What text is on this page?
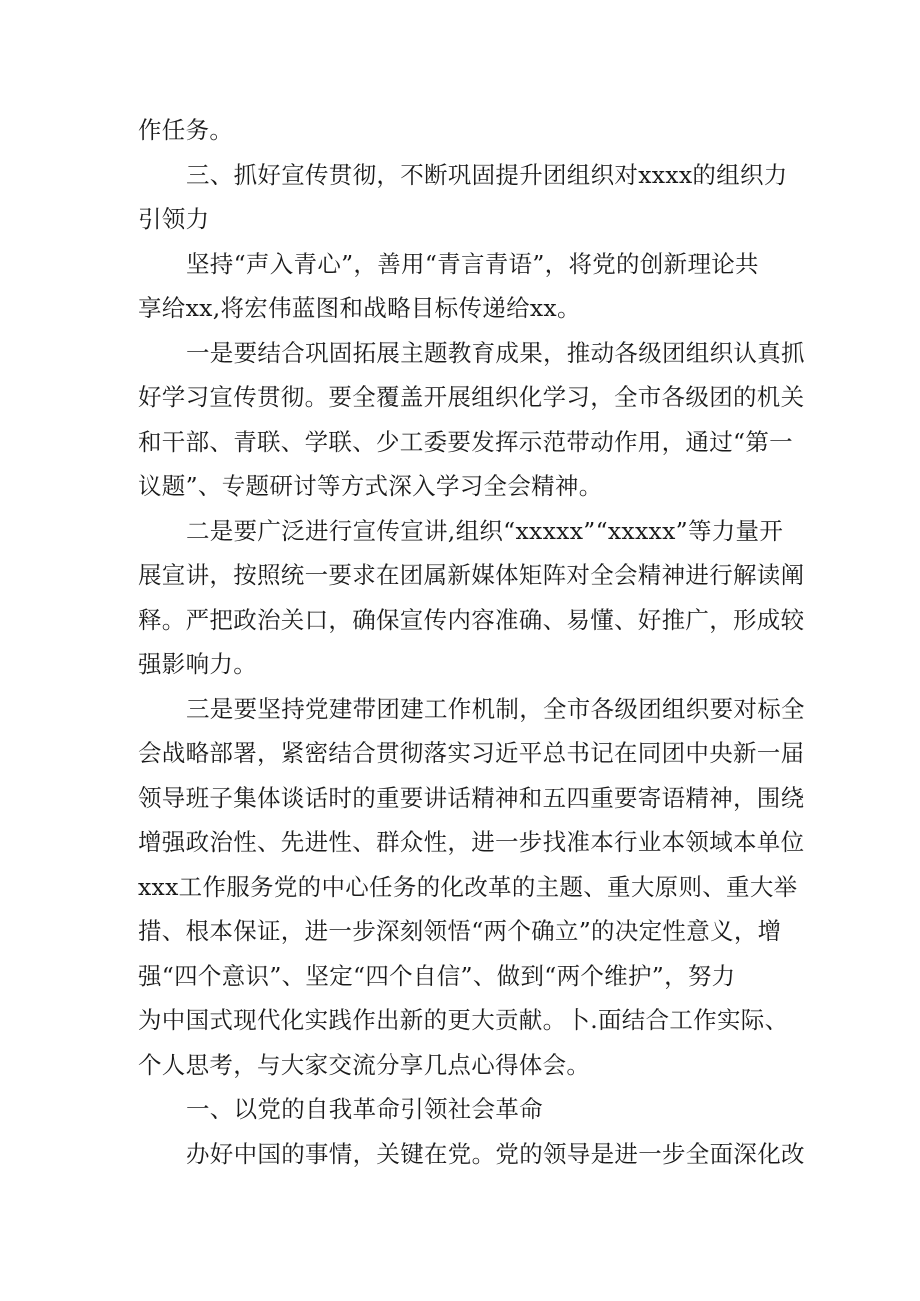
作任务。
三、抓好宣传贯彻，不断巩固提升团组织对xxxx的组织力
引领力
坚持“声入青心”，善用“青言青语”，将党的创新理论共
享给xx,将宏伟蓝图和战略目标传递给xx。
一是要结合巩固拓展主题教育成果，推动各级团组织认真抓
好学习宣传贯彻。要全覆盖开展组织化学习，全市各级团的机关
和干部、青联、学联、少工委要发挥示范带动作用，通过“第一
议题”、专题研讨等方式深入学习全会精神。
二是要广泛进行宣传宣讲,组织“xxxxx”“xxxxx”等力量开
展宣讲，按照统一要求在团属新媒体矩阵对全会精神进行解读阐
释。严把政治关口，确保宣传内容准确、易懂、好推广，形成较
强影响力。
三是要坚持党建带团建工作机制，全市各级团组织要对标全
会战略部署，紧密结合贯彻落实习近平总书记在同团中央新一届
领导班子集体谈话时的重要讲话精神和五四重要寄语精神，围绕
增强政治性、先进性、群众性，进一步找准本行业本领域本单位
xxx工作服务党的中心任务的化改革的主题、重大原则、重大举
措、根本保证，进一步深刻领悟“两个确立”的决定性意义，增
强“四个意识”、坚定“四个自信”、做到“两个维护”，努力
为中国式现代化实践作出新的更大贡献。卜.面结合工作实际、
个人思考，与大家交流分享几点心得体会。
一、以党的自我革命引领社会革命
办好中国的事情，关键在党。党的领导是进一步全面深化改
